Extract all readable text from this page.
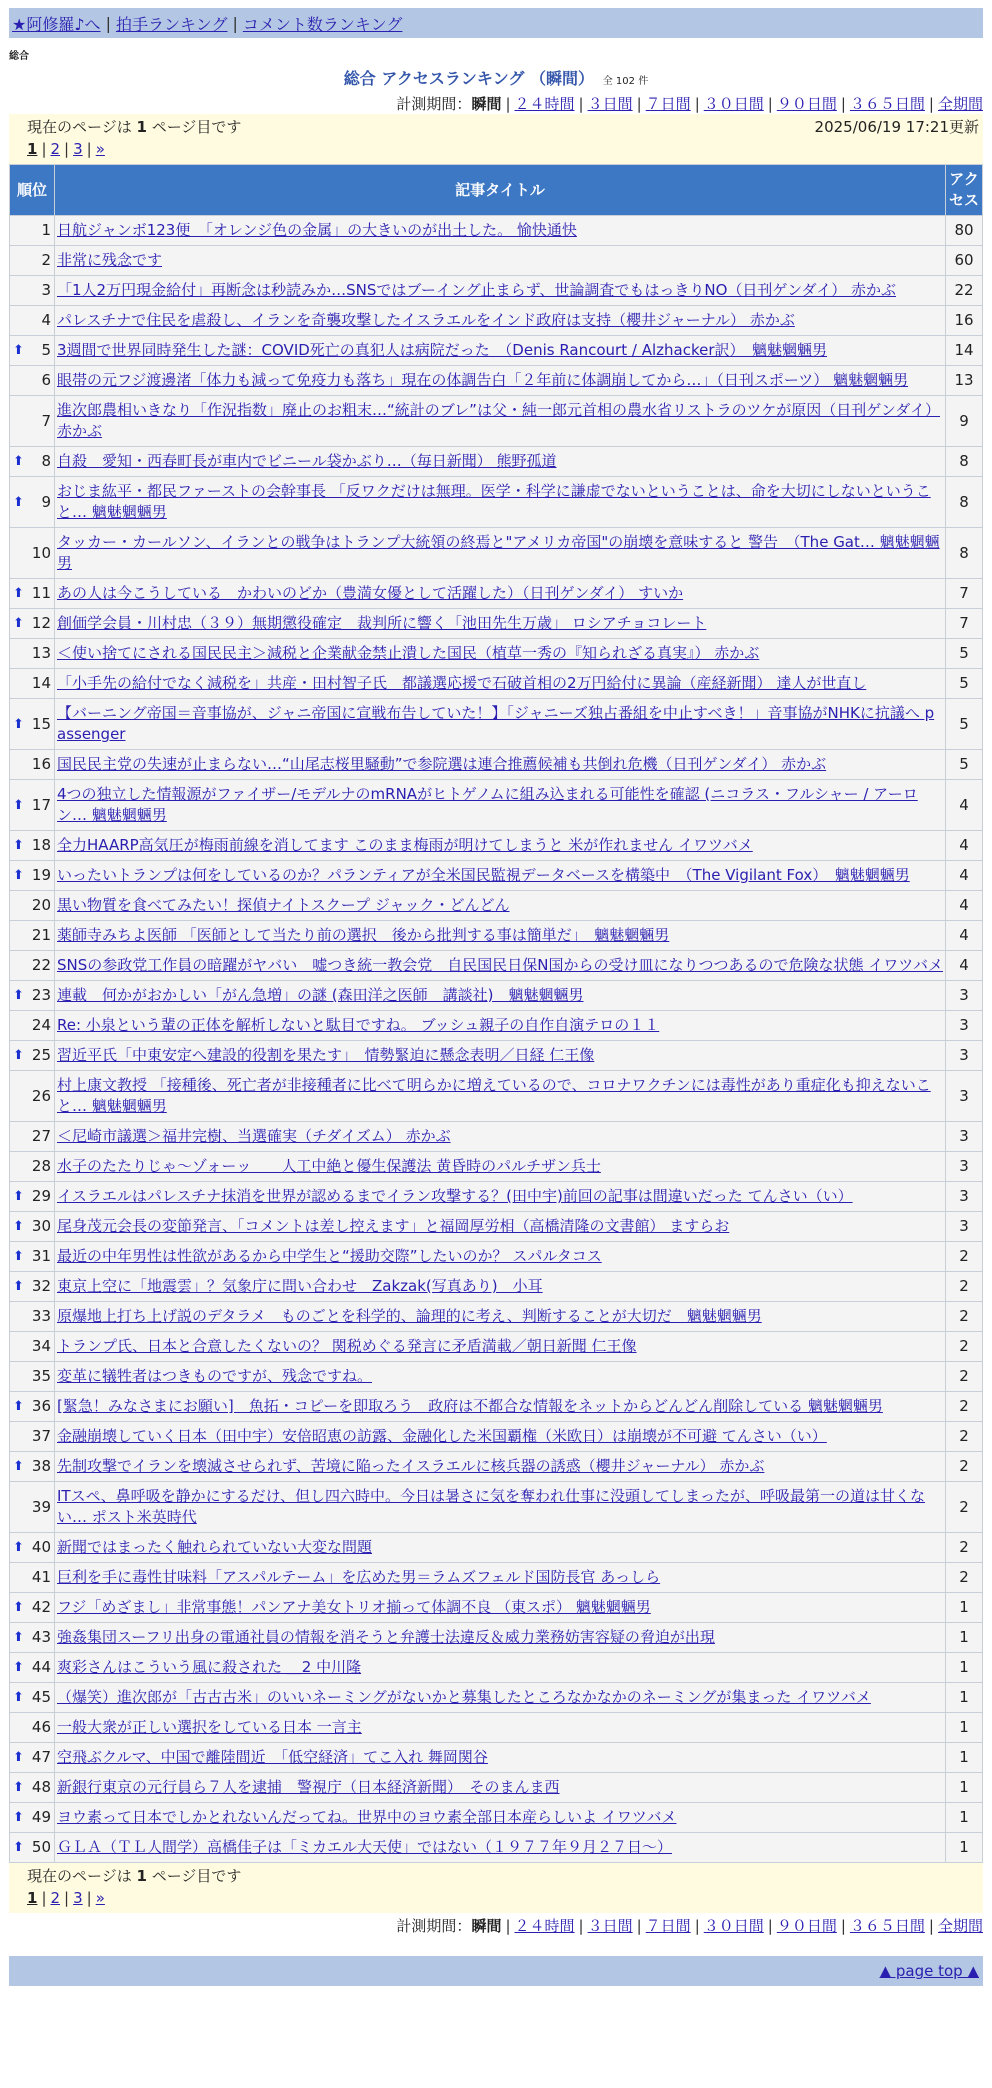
★阿修羅♪へ | 拍手ランキング | コメント数ランキング
総合
総合 アクセスランキング （瞬間） 全 102 件
計測期間：瞬間 | ２４時間 | ３日間 | ７日間 | ３０日間 | ９０日間 | ３６５日間 | 全期間
現在のページは 1 ページ目です	2025/06/19 17:21更新
1 | 2 | 3 | »
順位	記事タイトル	アクセス
1	日航ジャンボ123便　「オレンジ色の金属」の大きいのが出土した。 愉快通快	80
2	非常に残念です	60
3	「1人2万円現金給付」再断念は秒読みか…SNSではブーイング止まらず、世論調査でもはっきりNO（日刊ゲンダイ） 赤かぶ	22
4	パレスチナで住民を虐殺し、イランを奇襲攻撃したイスラエルをインド政府は支持（櫻井ジャーナル） 赤かぶ	16

⬆ 5	3週間で世界同時発生した謎：COVID死亡の真犯人は病院だった　（Denis Rancourt / Alzhacker訳）　魑魅魍魎男	14
6	眼帯の元フジ渡邊渚「体力も減って免疫力も落ち」現在の体調告白「２年前に体調崩してから…」（日刊スポーツ） 魑魅魍魎男	13
7	進次郎農相いきなり「作況指数」廃止のお粗末…“統計のブレ”は父・純一郎元首相の農水省リストラのツケが原因（日刊ゲンダイ） 赤かぶ	9

⬆ 8	自殺　愛知・西春町長が車内でビニール袋かぶり…（毎日新聞） 熊野孤道	8

⬆ 9	おじま紘平・都民ファーストの会幹事長 「反ワクだけは無理。医学・科学に謙虚でないということは、命を大切にしないということ… 魑魅魍魎男	8
10	タッカー・カールソン、イランとの戦争はトランプ大統領の終焉と"アメリカ帝国"の崩壊を意味すると 警告　（The Gat… 魑魅魍魎男	8

⬆ 11	あの人は今こうしている　かわいのどか（豊満女優として活躍した）（日刊ゲンダイ） すいか	7

⬆ 12	創価学会員・川村忠（３９）無期懲役確定　裁判所に響く「池田先生万歳」 ロシアチョコレート	7
13	＜使い捨てにされる国民民主＞減税と企業献金禁止潰した国民（植草一秀の『知られざる真実』） 赤かぶ	5
14	「小手先の給付でなく減税を」共産・田村智子氏　都議選応援で石破首相の2万円給付に異論（産経新聞） 達人が世直し	5

⬆ 15	【バーニング帝国＝音事協が、ジャニ帝国に宣戦布告していた！】「ジャニーズ独占番組を中止すべき！」音事協がNHKに抗議へ passenger	5
16	国民民主党の失速が止まらない…“山尾志桜里騒動”で参院選は連合推薦候補も共倒れ危機（日刊ゲンダイ） 赤かぶ	5

⬆ 17	4つの独立した情報源がファイザー/モデルナのmRNAがヒトゲノムに組み込まれる可能性を確認 (ニコラス・フルシャー / アーロン… 魑魅魍魎男	4

⬆ 18	全力HAARP高気圧が梅雨前線を消してます このまま梅雨が明けてしまうと 米が作れません イワツバメ	4

⬆ 19	いったいトランプは何をしているのか？パランティアが全米国民監視データベースを構築中　（The Vigilant Fox）　魑魅魍魎男	4
20	黒い物質を食べてみたい！探偵ナイトスクープ ジャック・どんどん	4
21	薬師寺みちよ医師 「医師として当たり前の選択　後から批判する事は簡単だ」　魑魅魍魎男	4
22	SNSの参政党工作員の暗躍がヤバい　嘘つき統一教会党　自民国民日保N国からの受け皿になりつつあるので危険な状態 イワツバメ	4

⬆ 23	連載　何かがおかしい「がん急増」の謎 (森田洋之医師　講談社)　魑魅魍魎男	3
24	Re: 小泉という輩の正体を解析しないと駄目ですね。 ブッシュ親子の自作自演テロの１１	3

⬆ 25	習近平氏「中東安定へ建設的役割を果たす」　情勢緊迫に懸念表明／日経 仁王像	3
26	村上康文教授 「接種後、死亡者が非接種者に比べて明らかに増えているので、コロナワクチンには毒性があり重症化も抑えないこと… 魑魅魍魎男	3
27	＜尼崎市議選＞福井完樹、当選確実（チダイズム） 赤かぶ	3
28	水子のたたりじゃ～ゾォーッ　　人工中絶と優生保護法 黄昏時のパルチザン兵士	3

⬆ 29	イスラエルはパレスチナ抹消を世界が認めるまでイラン攻撃する？(田中宇)前回の記事は間違いだった てんさい（い）	3

⬆ 30	尾身茂元会長の変節発言、「コメントは差し控えます」と福岡厚労相（高橋清隆の文書館） ますらお	3

⬆ 31	最近の中年男性は性欲があるから中学生と“援助交際”したいのか？ スパルタコス	2

⬆ 32	東京上空に「地震雲」？気象庁に問い合わせ　Zakzak(写真あり)　小耳	2
33	原爆地上打ち上げ説のデタラメ　ものごとを科学的、論理的に考え、判断することが大切だ　魑魅魍魎男	2
34	トランプ氏、日本と合意したくないの？ 関税めぐる発言に矛盾満載／朝日新聞 仁王像	2
35	変革に犠牲者はつきものですが、残念ですね。	2

⬆ 36	[緊急！みなさまにお願い]　魚拓・コピーを即取ろう　政府は不都合な情報をネットからどんどん削除している 魑魅魍魎男	2
37	金融崩壊していく日本（田中宇）安倍昭恵の訪露、金融化した米国覇権（米欧日）は崩壊が不可避 てんさい（い）	2

⬆ 38	先制攻撃でイランを壊滅させられず、苦境に陥ったイスラエルに核兵器の誘惑（櫻井ジャーナル） 赤かぶ	2
39	ITスペ、鼻呼吸を静かにするだけ、但し四六時中。今日は暑さに気を奪われ仕事に没頭してしまったが、呼吸最第一の道は甘くない… ポスト米英時代	2

⬆ 40	新聞ではまったく触れられていない大変な問題	2
41	巨利を手に毒性甘味料「アスパルテーム」を広めた男＝ラムズフェルド国防長官 あっしら	2

⬆ 42	フジ「めざまし」非常事態！パンアナ美女トリオ揃って体調不良 （東スポ） 魑魅魍魎男	1

⬆ 43	強姦集団スーフリ出身の電通社員の情報を消そうと弁護士法違反＆威力業務妨害容疑の脅迫が出現	1

⬆ 44	爽彩さんはこういう風に殺された ＿2 中川隆	1

⬆ 45	（爆笑）進次郎が「古古古米」のいいネーミングがないかと募集したところなかなかのネーミングが集まった イワツバメ	1
46	一般大衆が正しい選択をしている日本 一言主	1

⬆ 47	空飛ぶクルマ、中国で離陸間近　「低空経済」てこ入れ 舞岡関谷	1

⬆ 48	新銀行東京の元行員ら７人を逮捕　警視庁（日本経済新聞）　そのまんま西	1

⬆ 49	ヨウ素って日本でしかとれないんだってね。世界中のヨウ素全部日本産らしいよ イワツバメ	1

⬆ 50	ＧＬＡ（ＴＬ人間学）高橋佳子は「ミカエル大天使」ではない（１９７７年９月２７日～）	1
現在のページは 1 ページ目です
1 | 2 | 3 | »
計測期間：瞬間 | ２４時間 | ３日間 | ７日間 | ３０日間 | ９０日間 | ３６５日間 | 全期間
▲ page top ▲
